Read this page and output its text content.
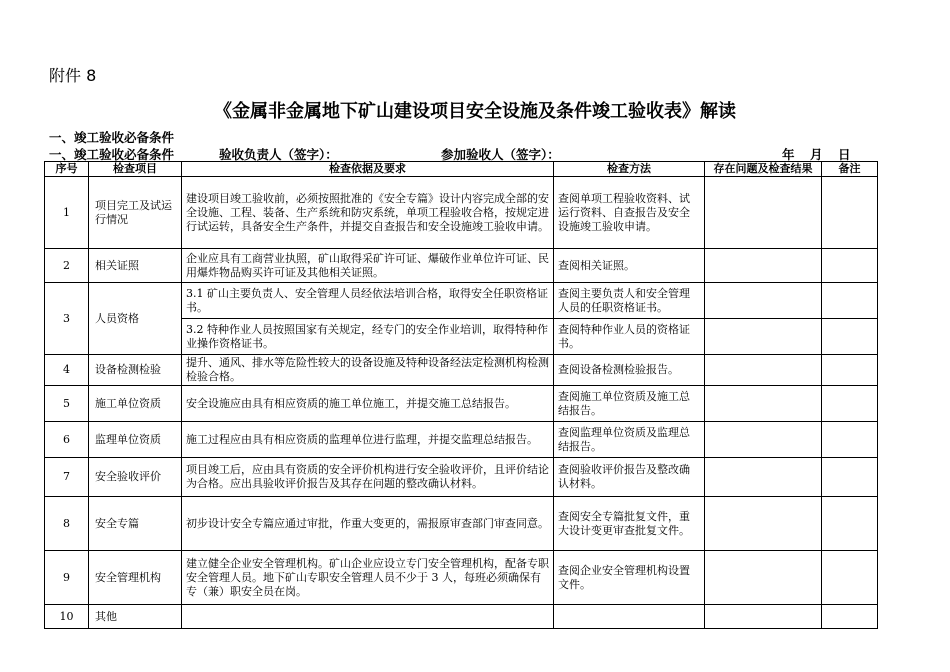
附件 8
《金属非金属地下矿山建设项目安全设施及条件竣工验收表》解读
一、竣工验收必备条件
一、竣工验收必备条件	验收负责人（签字）：	参加验收人（签字）：	年 月 日
序号	检查项目	检查依据及要求	检查方法	存在问题及检查结果	备注
1	项目完工及试运行情况	建设项目竣工验收前，必须按照批准的《安全专篇》设计内容完成全部的安全设施、工程、装备、生产系统和防灾系统，单项工程验收合格，按规定进行试运转，具备安全生产条件，并提交自查报告和安全设施竣工验收申请。	查阅单项工程验收资料、试运行资料、自查报告及安全设施竣工验收申请。		
2	相关证照	企业应具有工商营业执照，矿山取得采矿许可证、爆破作业单位许可证、民用爆炸物品购买许可证及其他相关证照。	查阅相关证照。		
3	人员资格	3.1 矿山主要负责人、安全管理人员经依法培训合格，取得安全任职资格证书。	查阅主要负责人和安全管理人员的任职资格证书。		
		3.2 特种作业人员按照国家有关规定，经专门的安全作业培训，取得特种作业操作资格证书。	查阅特种作业人员的资格证书。		
4	设备检测检验	提升、通风、排水等危险性较大的设备设施及特种设备经法定检测机构检测检验合格。	查阅设备检测检验报告。		
5	施工单位资质	安全设施应由具有相应资质的施工单位施工，并提交施工总结报告。	查阅施工单位资质及施工总结报告。		
6	监理单位资质	施工过程应由具有相应资质的监理单位进行监理，并提交监理总结报告。	查阅监理单位资质及监理总结报告。		
7	安全验收评价	项目竣工后，应由具有资质的安全评价机构进行安全验收评价，且评价结论为合格。应出具验收评价报告及其存在问题的整改确认材料。	查阅验收评价报告及整改确认材料。		
8	安全专篇	初步设计安全专篇应通过审批，作重大变更的，需报原审查部门审查同意。	查阅安全专篇批复文件，重大设计变更审查批复文件。		
9	安全管理机构	建立健全企业安全管理机构。矿山企业应设立专门安全管理机构，配备专职安全管理人员。地下矿山专职安全管理人员不少于 3 人，每班必须确保有专（兼）职安全员在岗。	查阅企业安全管理机构设置文件。		
10	其他				
